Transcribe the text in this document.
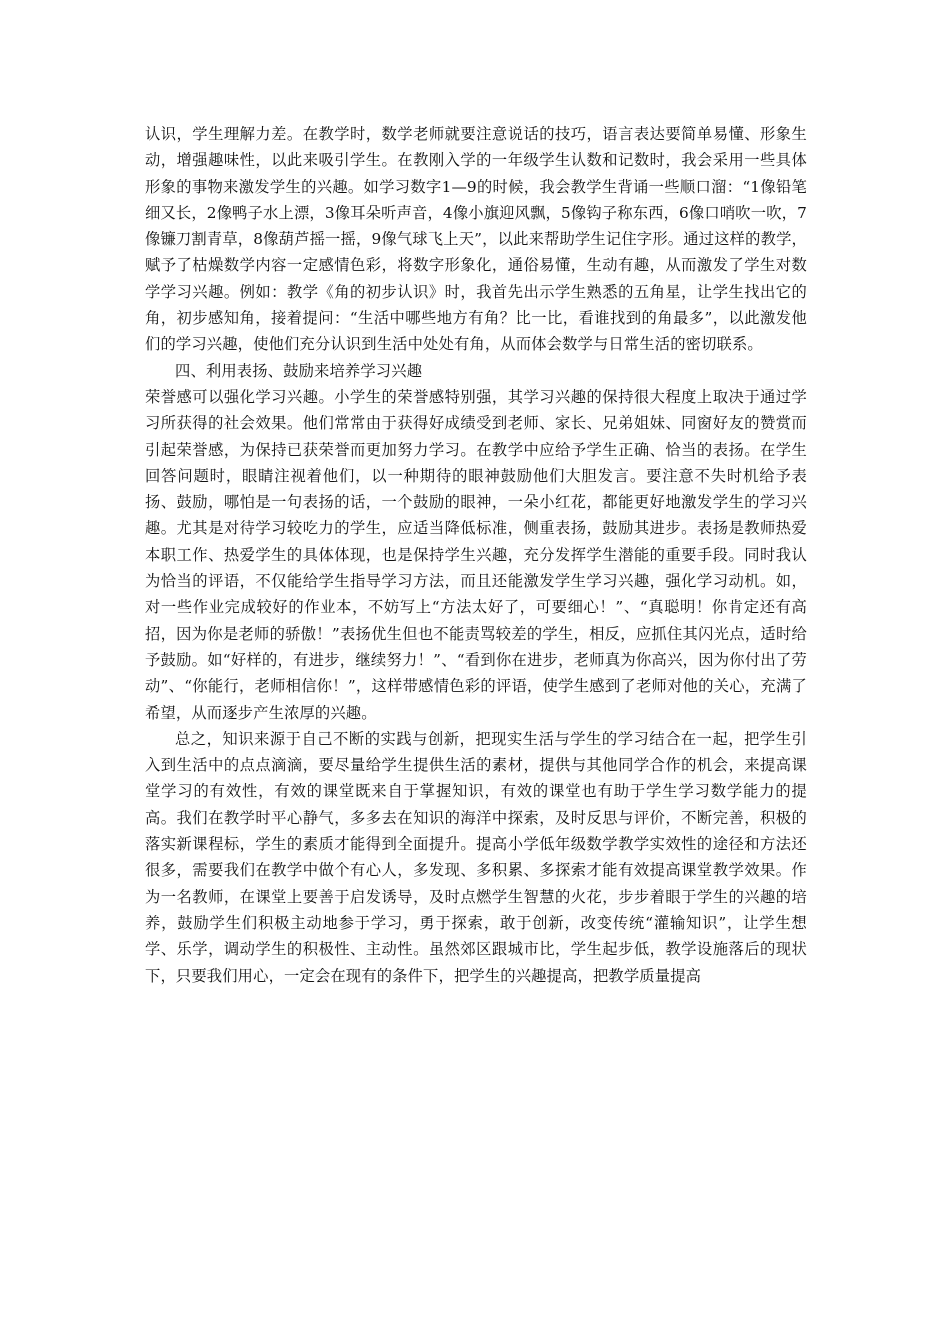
认识，学生理解力差。在教学时，数学老师就要注意说话的技巧，语言表达要简单易懂、形象生动，增强趣味性，以此来吸引学生。在教刚入学的一年级学生认数和记数时，我会采用一些具体形象的事物来激发学生的兴趣。如学习数字1—9的时候，我会教学生背诵一些顺口溜：“1像铅笔细又长，2像鸭子水上漂，3像耳朵听声音，4像小旗迎风飘，5像钩子称东西，6像口哨吹一吹，7像镰刀割青草，8像葫芦摇一摇，9像气球飞上天”，以此来帮助学生记住字形。通过这样的教学，赋予了枯燥数学内容一定感情色彩，将数字形象化，通俗易懂，生动有趣，从而激发了学生对数学学习兴趣。例如：教学《角的初步认识》时，我首先出示学生熟悉的五角星，让学生找出它的角，初步感知角，接着提问：“生活中哪些地方有角？比一比，看谁找到的角最多”，以此激发他们的学习兴趣，使他们充分认识到生活中处处有角，从而体会数学与日常生活的密切联系。

四、利用表扬、鼓励来培养学习兴趣

荣誉感可以强化学习兴趣。小学生的荣誉感特别强，其学习兴趣的保持很大程度上取决于通过学习所获得的社会效果。他们常常由于获得好成绩受到老师、家长、兄弟姐妹、同窗好友的赞赏而引起荣誉感，为保持已获荣誉而更加努力学习。在教学中应给予学生正确、恰当的表扬。在学生回答问题时，眼睛注视着他们，以一种期待的眼神鼓励他们大胆发言。要注意不失时机给予表扬、鼓励，哪怕是一句表扬的话，一个鼓励的眼神，一朵小红花，都能更好地激发学生的学习兴趣。尤其是对待学习较吃力的学生，应适当降低标准，侧重表扬，鼓励其进步。表扬是教师热爱本职工作、热爱学生的具体体现，也是保持学生兴趣，充分发挥学生潜能的重要手段。同时我认为恰当的评语，不仅能给学生指导学习方法，而且还能激发学生学习兴趣，强化学习动机。如，对一些作业完成较好的作业本，不妨写上“方法太好了，可要细心！”、“真聪明！你肯定还有高招，因为你是老师的骄傲！”表扬优生但也不能责骂较差的学生，相反，应抓住其闪光点，适时给予鼓励。如“好样的，有进步，继续努力！”、“看到你在进步，老师真为你高兴，因为你付出了劳动”、“你能行，老师相信你！”，这样带感情色彩的评语，使学生感到了老师对他的关心，充满了希望，从而逐步产生浓厚的兴趣。

总之，知识来源于自己不断的实践与创新，把现实生活与学生的学习结合在一起，把学生引入到生活中的点点滴滴，要尽量给学生提供生活的素材，提供与其他同学合作的机会，来提高课堂学习的有效性，有效的课堂既来自于掌握知识，有效的课堂也有助于学生学习数学能力的提高。我们在教学时平心静气，多多去在知识的海洋中探索，及时反思与评价，不断完善，积极的落实新课程标，学生的素质才能得到全面提升。提高小学低年级数学教学实效性的途径和方法还很多，需要我们在教学中做个有心人，多发现、多积累、多探索才能有效提高课堂教学效果。作为一名教师，在课堂上要善于启发诱导，及时点燃学生智慧的火花，步步着眼于学生的兴趣的培养，鼓励学生们积极主动地参于学习，勇于探索，敢于创新，改变传统“灌输知识”，让学生想学、乐学，调动学生的积极性、主动性。虽然郊区跟城市比，学生起步低，教学设施落后的现状下，只要我们用心，一定会在现有的条件下，把学生的兴趣提高，把教学质量提高
